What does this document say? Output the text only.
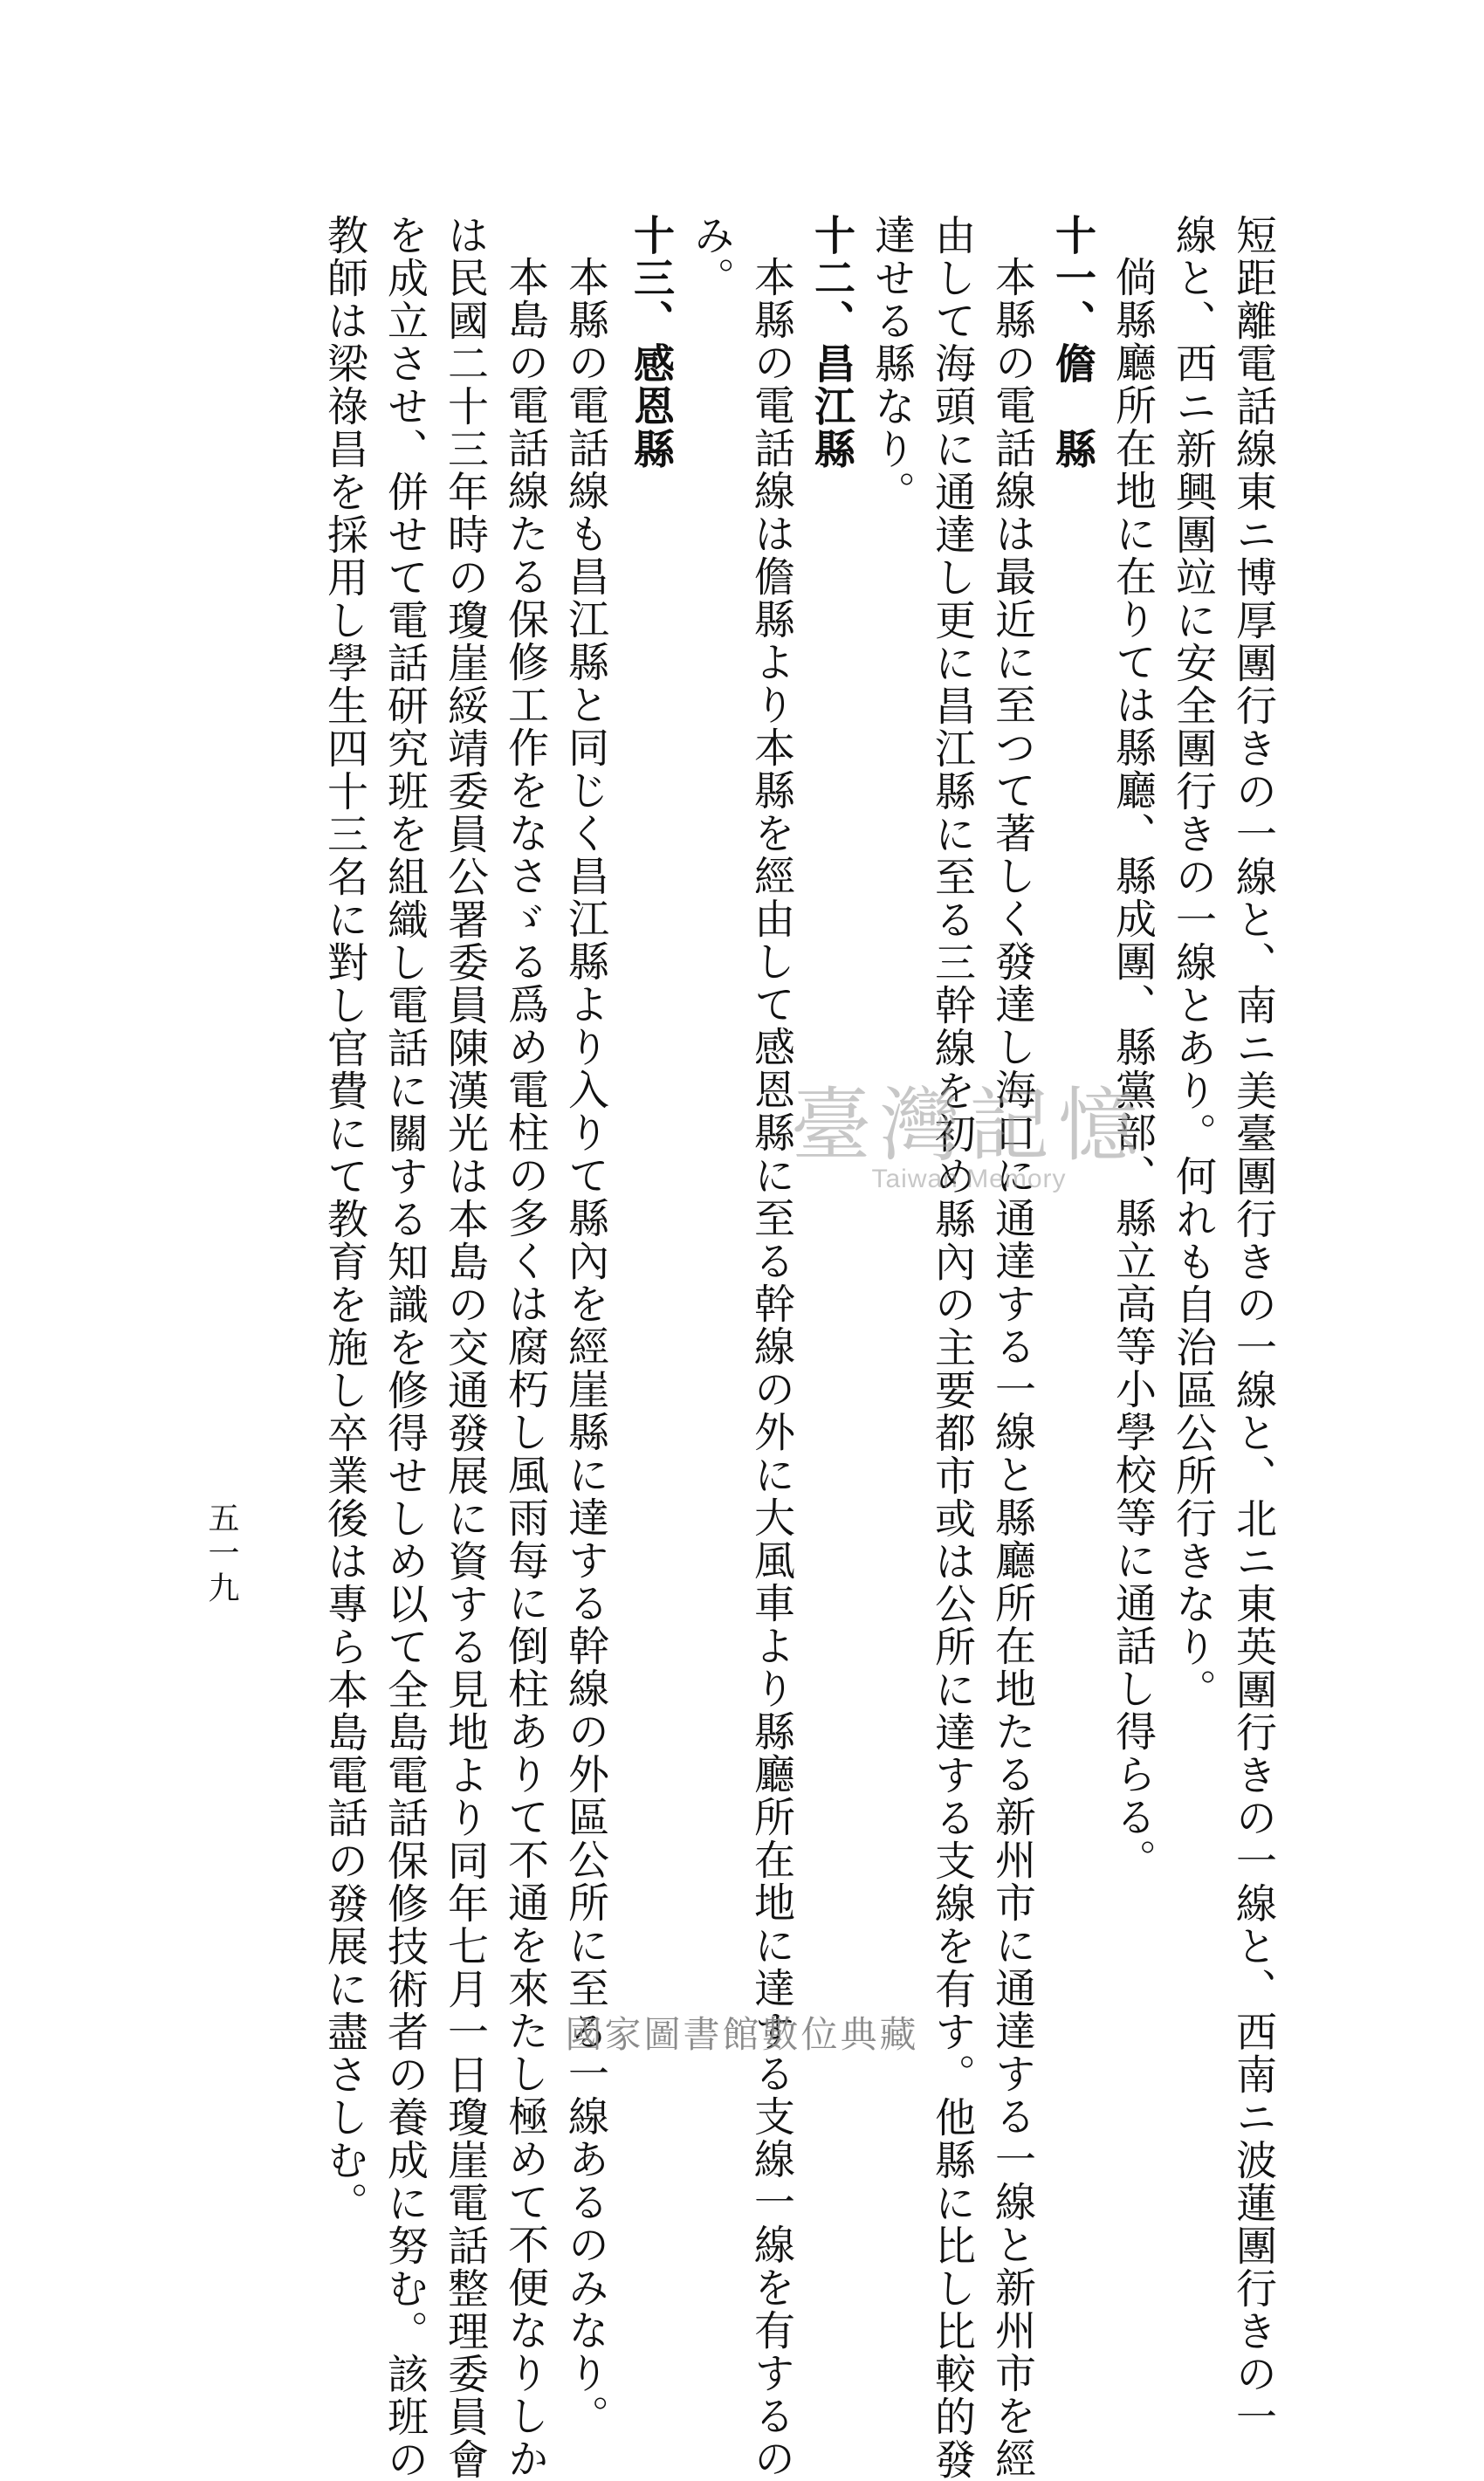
短距離電話線東ニ博厚團行きの一線と、南ニ美臺團行きの一線と、北ニ東英團行きの一線と、西南ニ波蓮團行きの一
線と、西ニ新興團竝に安全團行きの一線とあり。何れも自治區公所行きなり。
倘縣廳所在地に在りては縣廳、縣成團、縣黨部、縣立高等小學校等に通話し得らる。
十一、儋　縣
本縣の電話線は最近に至つて著しく發達し海口に通達する一線と縣廳所在地たる新州市に通達する一線と新州市を經
由して海頭に通達し更に昌江縣に至る三幹線を初め縣內の主要都市或は公所に達する支線を有す。他縣に比し比較的發
達せる縣なり。
十二、昌江縣
本縣の電話線は儋縣より本縣を經由して感恩縣に至る幹線の外に大風車より縣廳所在地に達する支線一線を有するの
み。
十三、感恩縣
本縣の電話線も昌江縣と同じく昌江縣より入りて縣內を經崖縣に達する幹線の外區公所に至る一線あるのみなり。
本島の電話線たる保修工作をなさゞる爲め電柱の多くは腐朽し風雨每に倒柱ありて不通を來たし極めて不便なりしか
は民國二十三年時の瓊崖綏靖委員公署委員陳漢光は本島の交通發展に資する見地より同年七月一日瓊崖電話整理委員會
を成立させ、併せて電話研究班を組織し電話に關する知識を修得せしめ以て全島電話保修技術者の養成に努む。該班の
教師は梁祿昌を採用し學生四十三名に對し官費にて教育を施し卒業後は專ら本島電話の發展に盡さしむ。
五一九
臺灣記憶
Taiwan Memory
國家圖書館數位典藏
